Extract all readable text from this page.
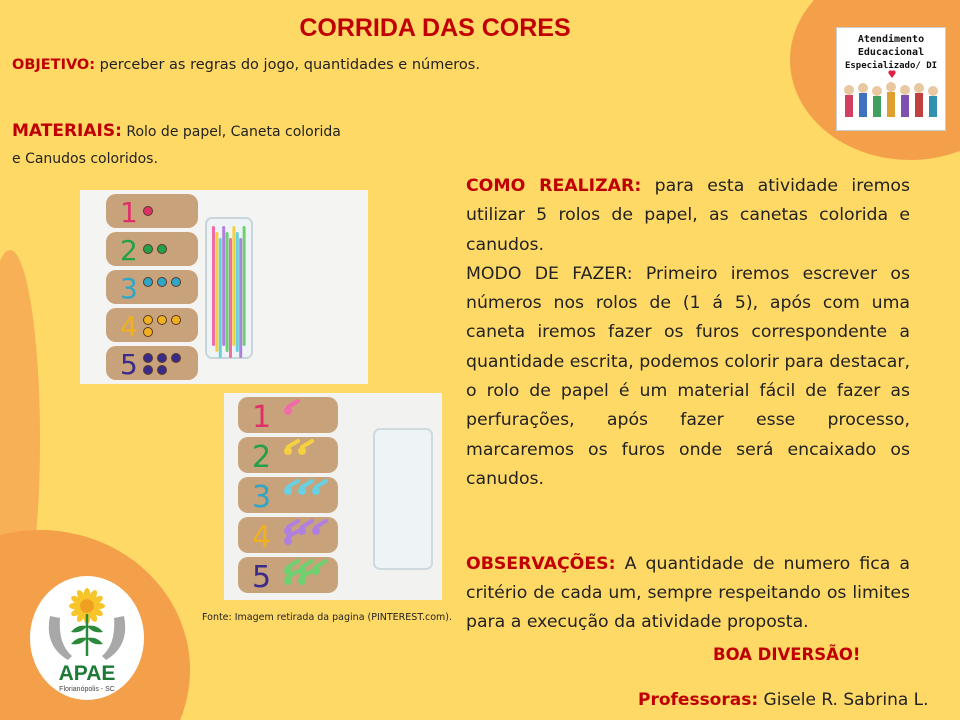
CORRIDA DAS CORES
OBJETIVO: perceber as regras do jogo, quantidades e números.
MATERIAIS: Rolo de papel, Caneta colorida e Canudos coloridos.
1
2
3
4
5
1
2
3
4
5
Fonte: Imagem retirada da pagina (PINTEREST.com).

COMO REALIZAR: para esta atividade iremos utilizar 5 rolos de papel, as canetas colorida e canudos.

MODO DE FAZER: Primeiro iremos escrever os números nos rolos de (1 á 5), após com uma caneta iremos fazer os furos correspondente a quantidade escrita, podemos colorir para destacar, o rolo de papel é um material fácil de fazer as perfurações, após fazer esse processo, marcaremos os furos onde será encaixado os canudos.

OBSERVAÇÕES: A quantidade de numero fica a critério de cada um, sempre respeitando os limites para a execução da atividade proposta.
BOA DIVERSÃO!
Professoras: Gisele R. Sabrina L.
Atendimento
Educacional
Especializado/ DI
APAE
Florianópolis - SC
